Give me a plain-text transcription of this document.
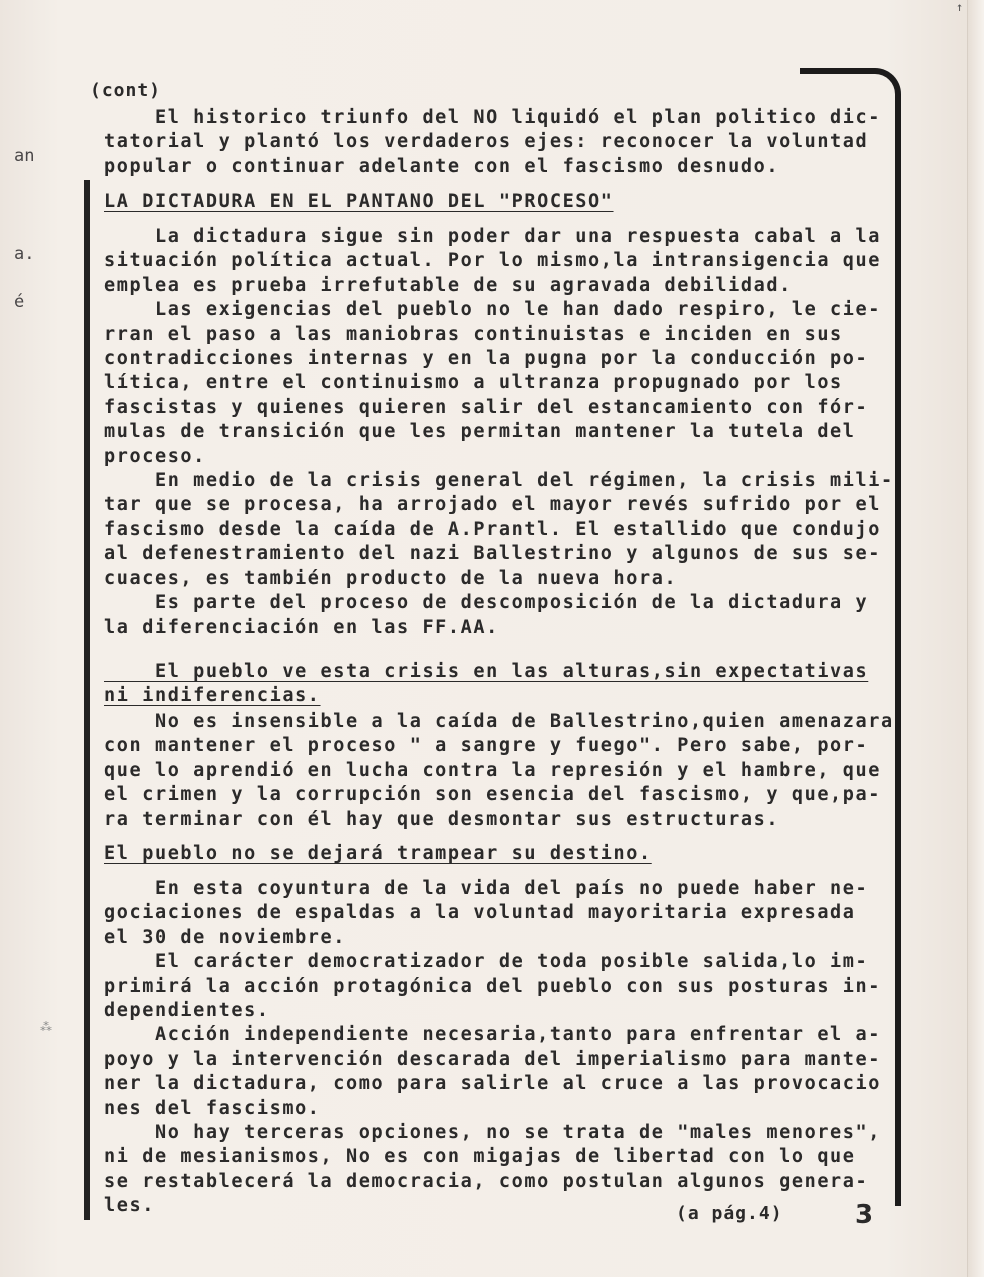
↑
an
a.
é
⁂
(cont)
El historico triunfo del NO liquidó el plan politico dic-
tatorial y plantó los verdaderos ejes: reconocer la voluntad
popular o continuar adelante con el fascismo desnudo.
LA DICTADURA EN EL PANTANO DEL "PROCESO"
La dictadura sigue sin poder dar una respuesta cabal a la
situación política actual. Por lo mismo,la intransigencia que
emplea es prueba irrefutable de su agravada debilidad.
Las exigencias del pueblo no le han dado respiro, le cie-
rran el paso a las maniobras continuistas e inciden en sus
contradicciones internas y en la pugna por la conducción po-
lítica, entre el continuismo a ultranza propugnado por los
fascistas y quienes quieren salir del estancamiento con fór-
mulas de transición que les permitan mantener la tutela del
proceso.
En medio de la crisis general del régimen, la crisis mili-
tar que se procesa, ha arrojado el mayor revés sufrido por el
fascismo desde la caída de A.Prantl. El estallido que condujo
al defenestramiento del nazi Ballestrino y algunos de sus se-
cuaces, es también producto de la nueva hora.
Es parte del proceso de descomposición de la dictadura y
la diferenciación en las FF.AA.
El pueblo ve esta crisis en las alturas,sin expectativas
ni indiferencias.
No es insensible a la caída de Ballestrino,quien amenazara
con mantener el proceso " a sangre y fuego". Pero sabe, por-
que lo aprendió en lucha contra la represión y el hambre, que
el crimen y la corrupción son esencia del fascismo, y que,pa-
ra terminar con él hay que desmontar sus estructuras.
El pueblo no se dejará trampear su destino.
En esta coyuntura de la vida del país no puede haber ne-
gociaciones de espaldas a la voluntad mayoritaria expresada
el 30 de noviembre.
El carácter democratizador de toda posible salida,lo im-
primirá la acción protagónica del pueblo con sus posturas in-
dependientes.
Acción independiente necesaria,tanto para enfrentar el a-
poyo y la intervención descarada del imperialismo para mante-
ner la dictadura, como para salirle al cruce a las provocacio
nes del fascismo.
No hay terceras opciones, no se trata de "males menores",
ni de mesianismos, No es con migajas de libertad con lo que
se restablecerá la democracia, como postulan algunos genera-
les.	(a pág.4)	3
